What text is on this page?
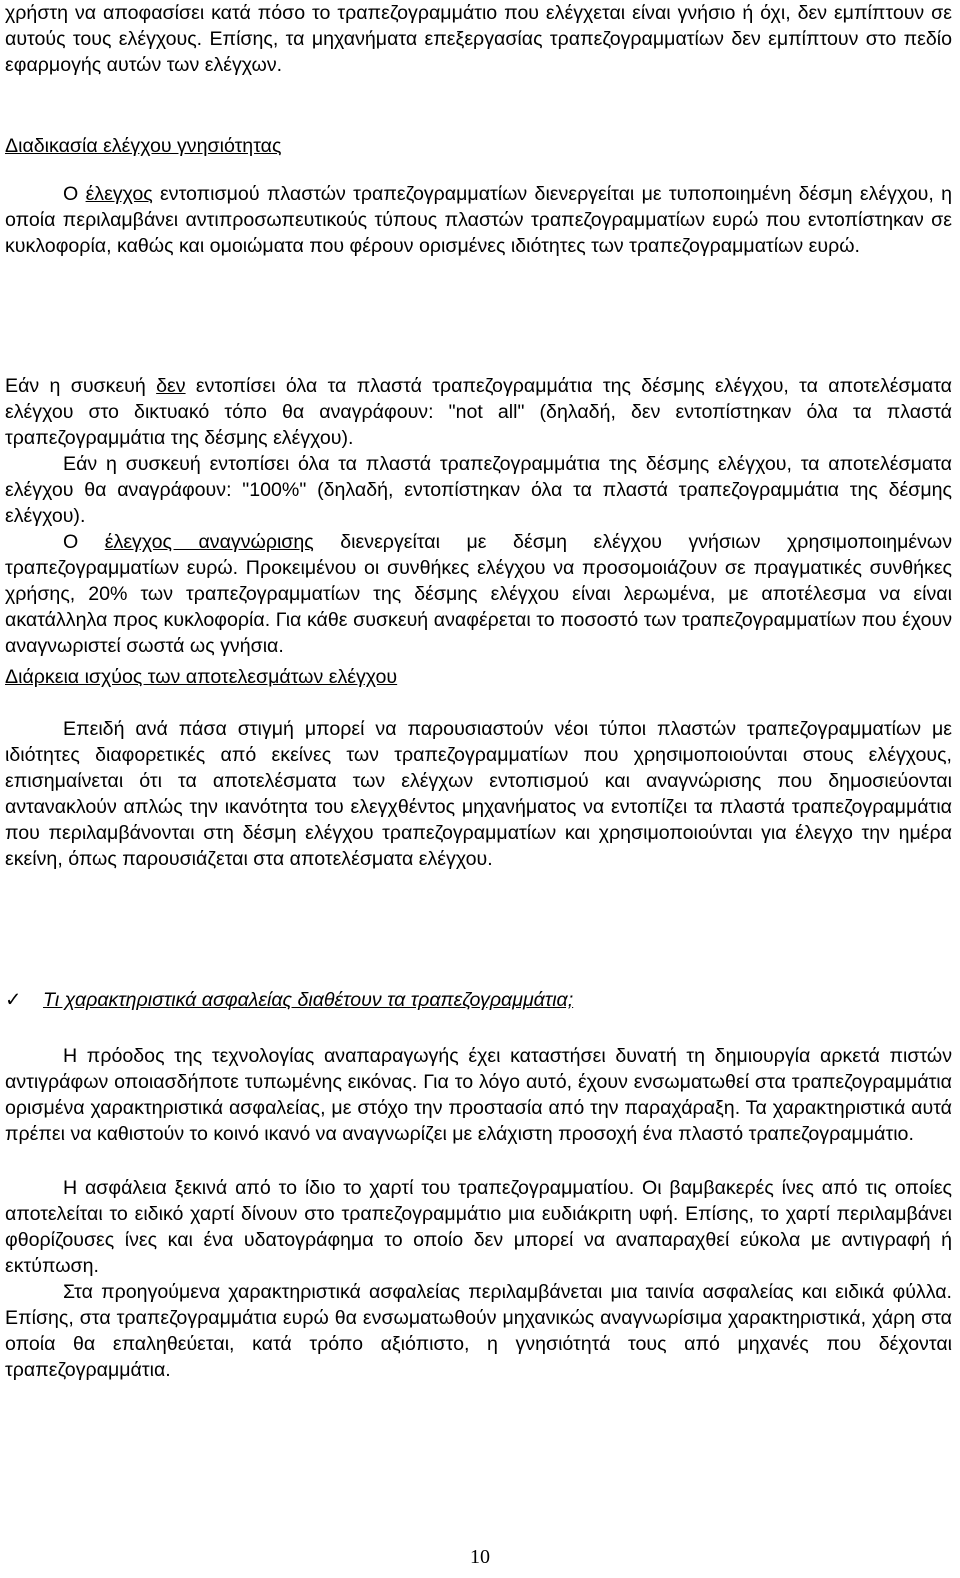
χρήστη να αποφασίσει κατά πόσο το τραπεζογραμμάτιο που ελέγχεται είναι γνήσιο ή όχι, δεν εμπίπτουν σε αυτούς τους ελέγχους. Επίσης, τα μηχανήματα επεξεργασίας τραπεζογραμματίων δεν εμπίπτουν στο πεδίο εφαρμογής αυτών των ελέγχων.

Διαδικασία ελέγχου γνησιότητας

Ο έλεγχος εντοπισμού πλαστών τραπεζογραμματίων διενεργείται με τυποποιημένη δέσμη ελέγχου, η οποία περιλαμβάνει αντιπροσωπευτικούς τύπους πλαστών τραπεζογραμματίων ευρώ που εντοπίστηκαν σε κυκλοφορία, καθώς και ομοιώματα που φέρουν ορισμένες ιδιότητες των τραπεζογραμματίων ευρώ.

Εάν η συσκευή δεν εντοπίσει όλα τα πλαστά τραπεζογραμμάτια της δέσμης ελέγχου, τα αποτελέσματα ελέγχου στο δικτυακό τόπο θα αναγράφουν: "not all" (δηλαδή, δεν εντοπίστηκαν όλα τα πλαστά τραπεζογραμμάτια της δέσμης ελέγχου).

Εάν η συσκευή εντοπίσει όλα τα πλαστά τραπεζογραμμάτια της δέσμης ελέγχου, τα αποτελέσματα ελέγχου θα αναγράφουν: "100%" (δηλαδή, εντοπίστηκαν όλα τα πλαστά τραπεζογραμμάτια της δέσμης ελέγχου).

Ο έλεγχος αναγνώρισης διενεργείται με δέσμη ελέγχου γνήσιων χρησιμοποιημένων τραπεζογραμματίων ευρώ. Προκειμένου οι συνθήκες ελέγχου να προσομοιάζουν σε πραγματικές συνθήκες χρήσης, 20% των τραπεζογραμματίων της δέσμης ελέγχου είναι λερωμένα, με αποτέλεσμα να είναι ακατάλληλα προς κυκλοφορία. Για κάθε συσκευή αναφέρεται το ποσοστό των τραπεζογραμματίων που έχουν αναγνωριστεί σωστά ως γνήσια.

Διάρκεια ισχύος των αποτελεσμάτων ελέγχου

Επειδή ανά πάσα στιγμή μπορεί να παρουσιαστούν νέοι τύποι πλαστών τραπεζογραμματίων με ιδιότητες διαφορετικές από εκείνες των τραπεζογραμματίων που χρησιμοποιούνται στους ελέγχους, επισημαίνεται ότι τα αποτελέσματα των ελέγχων εντοπισμού και αναγνώρισης που δημοσιεύονται αντανακλούν απλώς την ικανότητα του ελεγχθέντος μηχανήματος να εντοπίζει τα πλαστά τραπεζογραμμάτια που περιλαμβάνονται στη δέσμη ελέγχου τραπεζογραμματίων και χρησιμοποιούνται για έλεγχο την ημέρα εκείνη, όπως παρουσιάζεται στα αποτελέσματα ελέγχου.

✓ Τι χαρακτηριστικά ασφαλείας διαθέτουν τα τραπεζογραμμάτια;

Η πρόοδος της τεχνολογίας αναπαραγωγής έχει καταστήσει δυνατή τη δημιουργία αρκετά πιστών αντιγράφων οποιασδήποτε τυπωμένης εικόνας. Για το λόγο αυτό, έχουν ενσωματωθεί στα τραπεζογραμμάτια ορισμένα χαρακτηριστικά ασφαλείας, με στόχο την προστασία από την παραχάραξη. Τα χαρακτηριστικά αυτά πρέπει να καθιστούν το κοινό ικανό να αναγνωρίζει με ελάχιστη προσοχή ένα πλαστό τραπεζογραμμάτιο.

Η ασφάλεια ξεκινά από το ίδιο το χαρτί του τραπεζογραμματίου. Οι βαμβακερές ίνες από τις οποίες αποτελείται το ειδικό χαρτί δίνουν στο τραπεζογραμμάτιο μια ευδιάκριτη υφή. Επίσης, το χαρτί περιλαμβάνει φθορίζουσες ίνες και ένα υδατογράφημα το οποίο δεν μπορεί να αναπαραχθεί εύκολα με αντιγραφή ή εκτύπωση.

Στα προηγούμενα χαρακτηριστικά ασφαλείας περιλαμβάνεται μια ταινία ασφαλείας και ειδικά φύλλα. Επίσης, στα τραπεζογραμμάτια ευρώ θα ενσωματωθούν μηχανικώς αναγνωρίσιμα χαρακτηριστικά, χάρη στα οποία θα επαληθεύεται, κατά τρόπο αξιόπιστο, η γνησιότητά τους από μηχανές που δέχονται τραπεζογραμμάτια.

10
